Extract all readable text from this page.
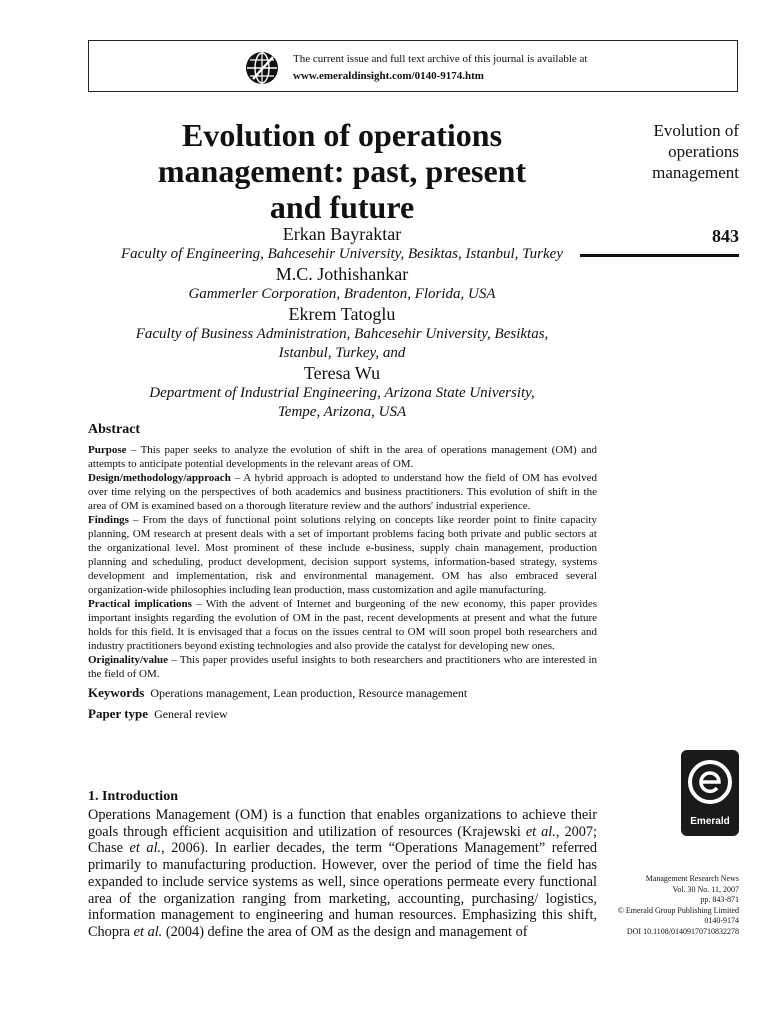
The current issue and full text archive of this journal is available at
www.emeraldinsight.com/0140-9174.htm
Evolution of operations
management: past, present
and future
Erkan Bayraktar
Faculty of Engineering, Bahcesehir University, Besiktas, Istanbul, Turkey
M.C. Jothishankar
Gammerler Corporation, Bradenton, Florida, USA
Ekrem Tatoglu
Faculty of Business Administration, Bahcesehir University, Besiktas,
Istanbul, Turkey, and
Teresa Wu
Department of Industrial Engineering, Arizona State University,
Tempe, Arizona, USA
Evolution of
operations
management
843
Abstract

Purpose – This paper seeks to analyze the evolution of shift in the area of operations management (OM) and attempts to anticipate potential developments in the relevant areas of OM.

Design/methodology/approach – A hybrid approach is adopted to understand how the field of OM has evolved over time relying on the perspectives of both academics and business practitioners. This evolution of shift in the area of OM is examined based on a thorough literature review and the authors' industrial experience.

Findings – From the days of functional point solutions relying on concepts like reorder point to finite capacity planning, OM research at present deals with a set of important problems facing both private and public sectors at the organizational level. Most prominent of these include e-business, supply chain management, production planning and scheduling, product development, decision support systems, information-based strategy, systems development and implementation, risk and environmental management. OM has also embraced several organization-wide philosophies including lean production, mass customization and agile manufacturing.

Practical implications – With the advent of Internet and burgeoning of the new economy, this paper provides important insights regarding the evolution of OM in the past, recent developments at present and what the future holds for this field. It is envisaged that a focus on the issues central to OM will soon propel both researchers and industry practitioners beyond existing technologies and also provide the catalyst for developing new ones.

Originality/value – This paper provides useful insights to both researchers and practitioners who are interested in the field of OM.

Keywords Operations management, Lean production, Resource management
Paper type General review
1. Introduction

Operations Management (OM) is a function that enables organizations to achieve their goals through efficient acquisition and utilization of resources (Krajewski et al., 2007; Chase et al., 2006). In earlier decades, the term “Operations Management” referred primarily to manufacturing production. However, over the period of time the field has expanded to include service systems as well, since operations permeate every functional area of the organization ranging from marketing, accounting, purchasing/ logistics, information management to engineering and human resources. Emphasizing this shift, Chopra et al. (2004) define the area of OM as the design and management of

Emerald
Management Research News
Vol. 30 No. 11, 2007
pp. 843-871
© Emerald Group Publishing Limited
0140-9174
DOI 10.1108/01409170710832278
